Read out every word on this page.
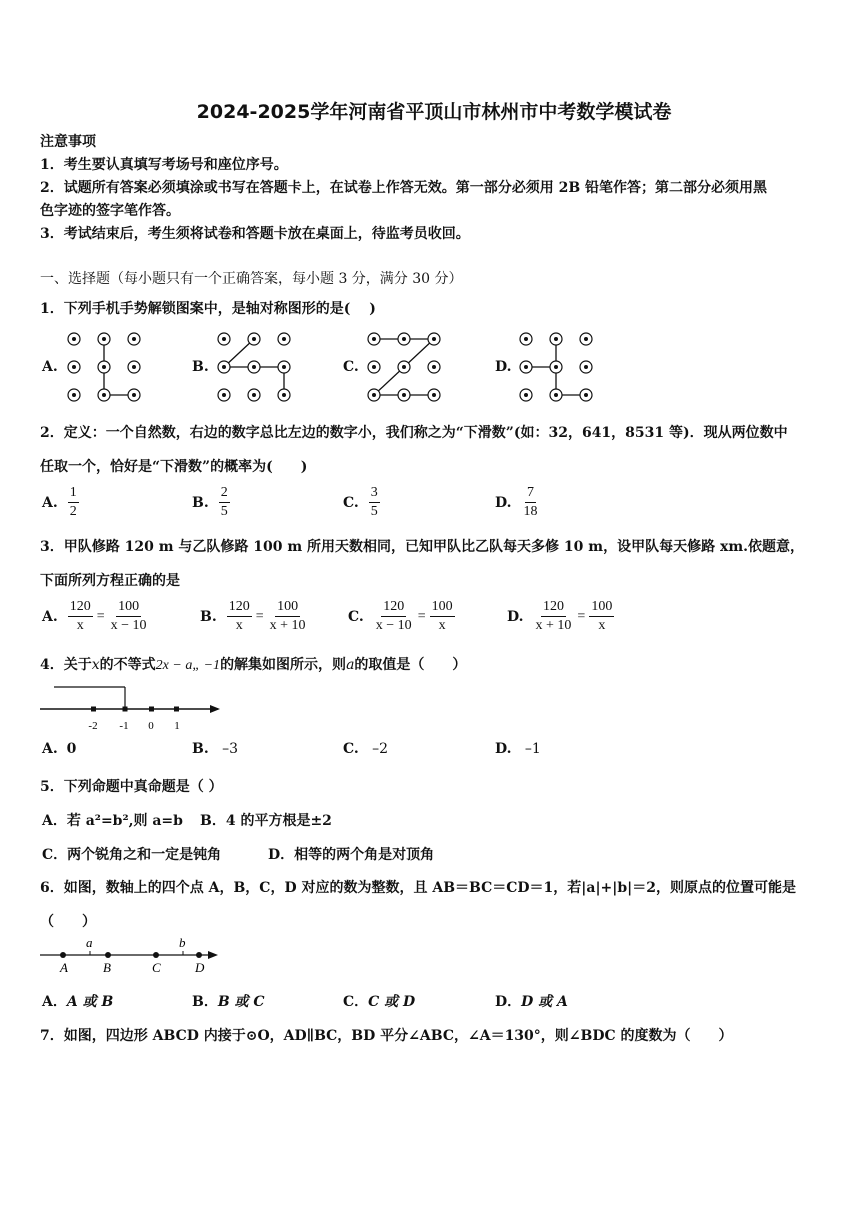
2024-2025学年河南省平顶山市林州市中考数学模试卷
注意事项
1．考生要认真填写考场号和座位序号。
2．试题所有答案必须填涂或书写在答题卡上，在试卷上作答无效。第一部分必须用 2B 铅笔作答；第二部分必须用黑
色字迹的签字笔作答。
3．考试结束后，考生须将试卷和答题卡放在桌面上，待监考员收回。
一、选择题（每小题只有一个正确答案，每小题 3 分，满分 30 分）
1．下列手机手势解锁图案中，是轴对称图形的是(　 )
A.	B.	C.	D.
2．定义：一个自然数，右边的数字总比左边的数字小，我们称之为“下滑数”(如：32，641，8531 等)．现从两位数中
任取一个，恰好是“下滑数”的概率为(　　)
A. $\frac{1}{2}$	B. $\frac{2}{5}$	C. $\frac{3}{5}$	D. $\frac{7}{18}$
3．甲队修路 120 m 与乙队修路 100 m 所用天数相同，已知甲队比乙队每天多修 10 m，设甲队每天修路 xm.依题意，
下面所列方程正确的是
A. $\frac{120}{x} = \frac{100}{x - 10}$	B. $\frac{120}{x} = \frac{100}{x + 10}$	C. $\frac{120}{x - 10} = \frac{100}{x}$	D. $\frac{120}{x + 10} = \frac{100}{x}$
4．关于x的不等式2x − a„ −1的解集如图所示，则a的取值是（　　）
-2 -1 0 1
A. 0	B. –3	C. –2	D. –1
5．下列命题中真命题是（ ）
A．若 a²=b²,则 a=b B．4 的平方根是±2
C．两个锐角之和一定是钝角	D．相等的两个角是对顶角
6．如图，数轴上的四个点 A，B，C，D 对应的数为整数，且 AB＝BC＝CD＝1，若|a|+|b|＝2，则原点的位置可能是
（　　）
A	B	C	D
a	b
A．A 或 B	B．B 或 C	C．C 或 D	D．D 或 A
7．如图，四边形 ABCD 内接于⊙O，AD∥BC，BD 平分∠ABC，∠A＝130°，则∠BDC 的度数为（　　）
